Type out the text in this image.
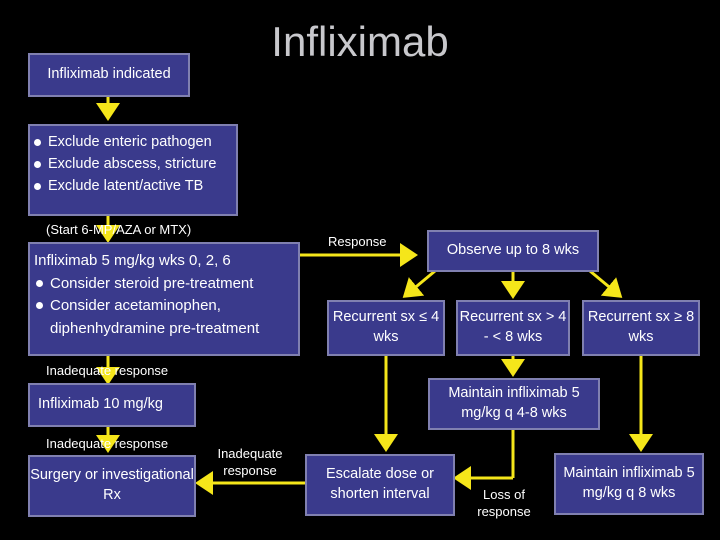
Infliximab
Infliximab indicated
Exclude enteric pathogen
Exclude abscess, stricture
Exclude latent/active TB
(Start 6-MP/AZA or MTX)
Infliximab 5 mg/kg wks 0, 2, 6
Consider steroid pre-treatment
Consider acetaminophen,
diphenhydramine pre-treatment
Inadequate response
Infliximab 10 mg/kg
Inadequate response
Surgery or investigational Rx
Inadequate response
Response
Observe up to 8 wks
Recurrent sx ≤ 4 wks
Recurrent sx > 4 - < 8 wks
Recurrent sx ≥ 8 wks
Maintain infliximab 5 mg/kg q 4-8 wks
Escalate dose or shorten interval	Loss of response
Maintain infliximab 5 mg/kg q 8 wks
